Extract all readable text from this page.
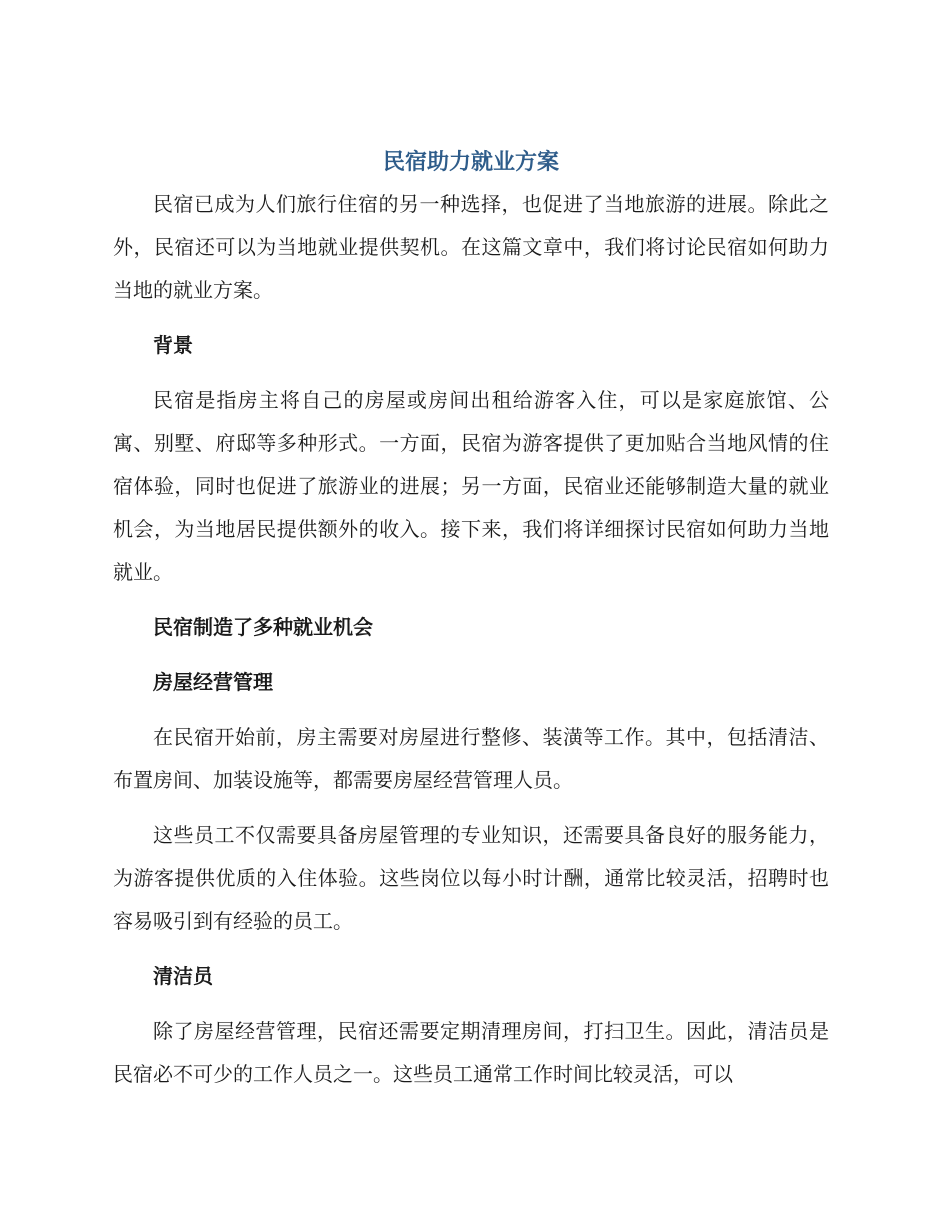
民宿助力就业方案

民宿已成为人们旅行住宿的另一种选择，也促进了当地旅游的进展。除此之外，民宿还可以为当地就业提供契机。在这篇文章中，我们将讨论民宿如何助力当地的就业方案。

背景

民宿是指房主将自己的房屋或房间出租给游客入住，可以是家庭旅馆、公寓、别墅、府邸等多种形式。一方面，民宿为游客提供了更加贴合当地风情的住宿体验，同时也促进了旅游业的进展；另一方面，民宿业还能够制造大量的就业机会，为当地居民提供额外的收入。接下来，我们将详细探讨民宿如何助力当地就业。

民宿制造了多种就业机会

房屋经营管理

在民宿开始前，房主需要对房屋进行整修、装潢等工作。其中，包括清洁、布置房间、加装设施等，都需要房屋经营管理人员。

这些员工不仅需要具备房屋管理的专业知识，还需要具备良好的服务能力，为游客提供优质的入住体验。这些岗位以每小时计酬，通常比较灵活，招聘时也容易吸引到有经验的员工。

清洁员

除了房屋经营管理，民宿还需要定期清理房间，打扫卫生。因此，清洁员是民宿必不可少的工作人员之一。这些员工通常工作时间比较灵活，可以
